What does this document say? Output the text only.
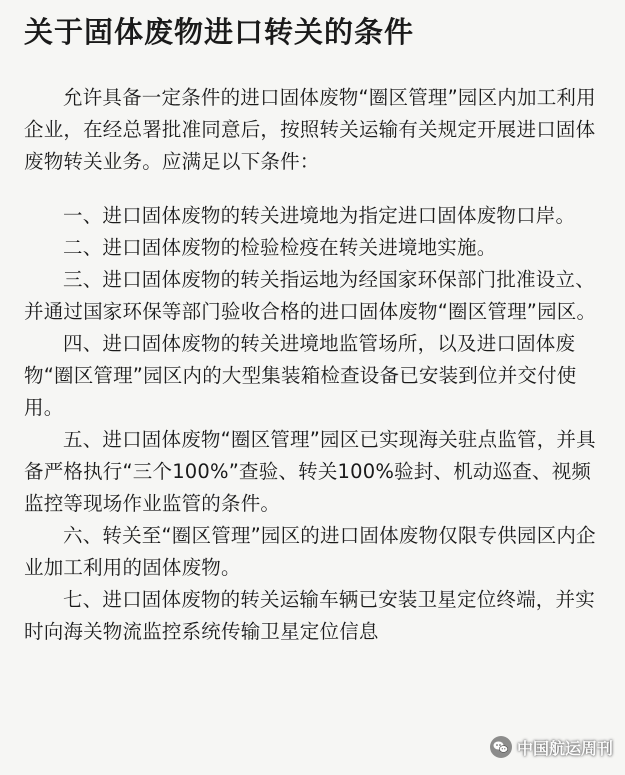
关于固体废物进口转关的条件

允许具备一定条件的进口固体废物“圈区管理”园区内加工利用企业，在经总署批准同意后，按照转关运输有关规定开展进口固体废物转关业务。应满足以下条件：

一、进口固体废物的转关进境地为指定进口固体废物口岸。

二、进口固体废物的检验检疫在转关进境地实施。

三、进口固体废物的转关指运地为经国家环保部门批准设立、并通过国家环保等部门验收合格的进口固体废物“圈区管理”园区。

四、进口固体废物的转关进境地监管场所，以及进口固体废物“圈区管理”园区内的大型集装箱检查设备已安装到位并交付使用。

五、进口固体废物“圈区管理”园区已实现海关驻点监管，并具备严格执行“三个100%”查验、转关100%验封、机动巡查、视频监控等现场作业监管的条件。

六、转关至“圈区管理”园区的进口固体废物仅限专供园区内企业加工利用的固体废物。

七、进口固体废物的转关运输车辆已安装卫星定位终端，并实时向海关物流监控系统传输卫星定位信息

中国航运周刊
